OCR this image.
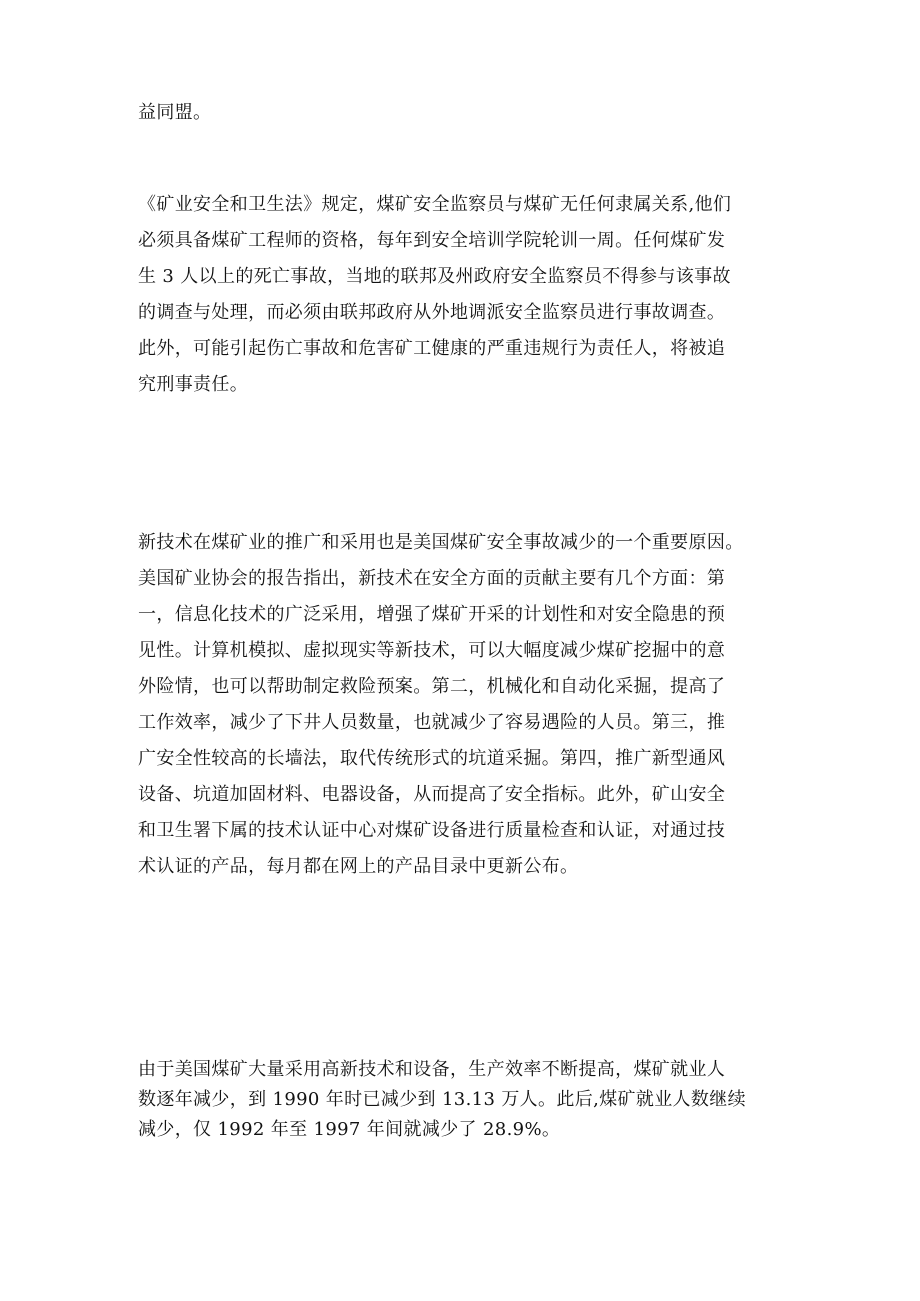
益同盟。

《矿业安全和卫生法》规定，煤矿安全监察员与煤矿无任何隶属关系,他们
必须具备煤矿工程师的资格，每年到安全培训学院轮训一周。任何煤矿发
生 3 人以上的死亡事故，当地的联邦及州政府安全监察员不得参与该事故
的调查与处理，而必须由联邦政府从外地调派安全监察员进行事故调查。
此外，可能引起伤亡事故和危害矿工健康的严重违规行为责任人，将被追
究刑事责任。

新技术在煤矿业的推广和采用也是美国煤矿安全事故减少的一个重要原因。
美国矿业协会的报告指出，新技术在安全方面的贡献主要有几个方面：第
一，信息化技术的广泛采用，增强了煤矿开采的计划性和对安全隐患的预
见性。计算机模拟、虚拟现实等新技术，可以大幅度减少煤矿挖掘中的意
外险情，也可以帮助制定救险预案。第二，机械化和自动化采掘，提高了
工作效率，减少了下井人员数量，也就减少了容易遇险的人员。第三，推
广安全性较高的长墙法，取代传统形式的坑道采掘。第四，推广新型通风
设备、坑道加固材料、电器设备，从而提高了安全指标。此外，矿山安全
和卫生署下属的技术认证中心对煤矿设备进行质量检查和认证，对通过技
术认证的产品，每月都在网上的产品目录中更新公布。

由于美国煤矿大量采用高新技术和设备，生产效率不断提高，煤矿就业人
数逐年减少，到 1990 年时已减少到 13.13 万人。此后,煤矿就业人数继续
减少，仅 1992 年至 1997 年间就减少了 28.9%。
